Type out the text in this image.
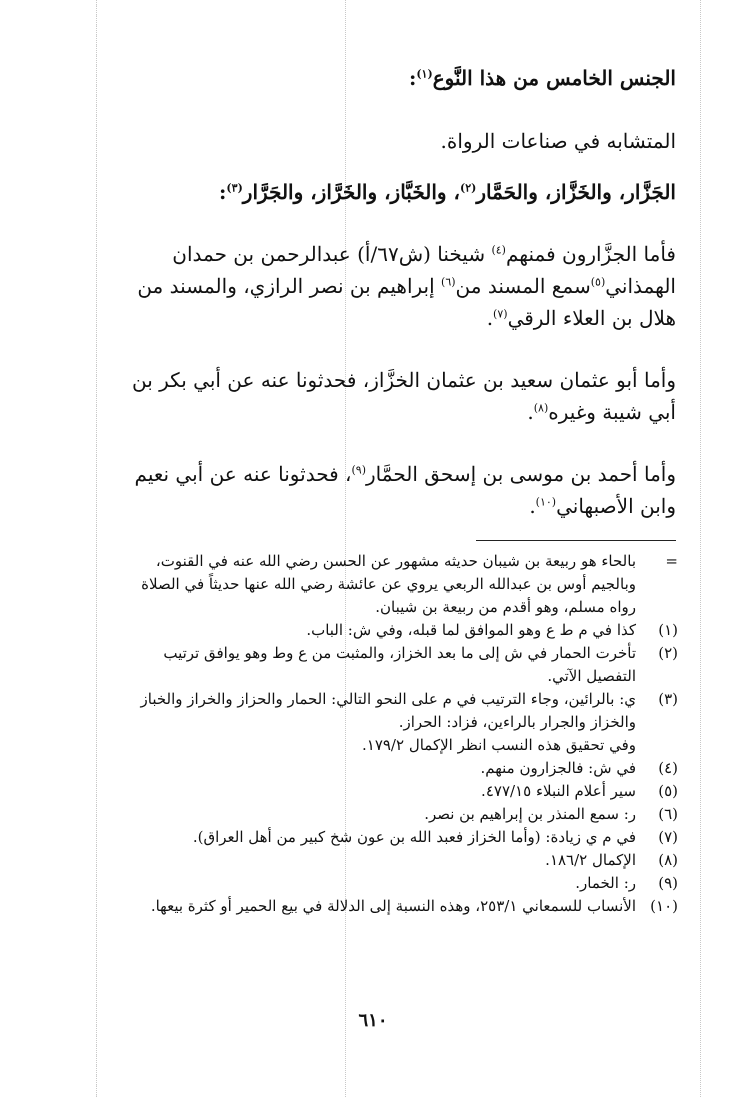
الجنس الخامس من هذا النَّوع$^{(١)}$:
المتشابه في صناعات الرواة.
الجَزَّار، والخَزَّاز، والحَمَّار$^{(٢)}$، والخَبَّاز، والخَرَّاز، والجَرَّار$^{(٣)}$:
فأما الجزَّارون فمنهم$^{(٤)}$ شيخنا (ش٦٧/أ) عبدالرحمن بن حمدان
الهمذاني$^{(٥)}$سمع المسند من$^{(٦)}$ إبراهيم بن نصر الرازي، والمسند من
هلال بن العلاء الرقي$^{(٧)}$.
وأما أبو عثمان سعيد بن عثمان الخزَّاز، فحدثونا عنه عن أبي بكر بن
أبي شيبة وغيره$^{(٨)}$.
وأما أحمد بن موسى بن إسحق الحمَّار$^{(٩)}$، فحدثونا عنه عن أبي نعيم
وابن الأصبهاني$^{(١٠)}$.
=
بالحاء هو ربيعة بن شيبان حديثه مشهور عن الحسن رضي الله عنه في القنوت،
وبالجيم أوس بن عبدالله الربعي يروي عن عائشة رضي الله عنها حديثاً في الصلاة
رواه مسلم، وهو أقدم من ربيعة بن شيبان.
(١)
كذا في م ط ع وهو الموافق لما قبله، وفي ش: الباب.
(٢)
تأخرت الحمار في ش إلى ما بعد الخزاز، والمثبت من ع وط وهو يوافق ترتيب
التفصيل الآتي.
(٣)
ي: بالرائين، وجاء الترتيب في م على النحو التالي: الحمار والحزاز والخراز والخباز
والخزاز والجرار بالراءين، فزاد: الحراز.
وفي تحقيق هذه النسب انظر الإكمال ١٧٩/٢.
(٤)
في ش: فالجزارون منهم.
(٥)
سير أعلام النبلاء ٤٧٧/١٥.
(٦)
ر: سمع المنذر بن إبراهيم بن نصر.
(٧)
في م ي زيادة: (وأما الخزاز فعبد الله بن عون شخ كبير من أهل العراق).
(٨)
الإكمال ١٨٦/٢.
(٩)
ر: الخمار.
(١٠)
الأنساب للسمعاني ٢٥٣/١، وهذه النسبة إلى الدلالة في بيع الحمير أو كثرة بيعها.
٦١٠
